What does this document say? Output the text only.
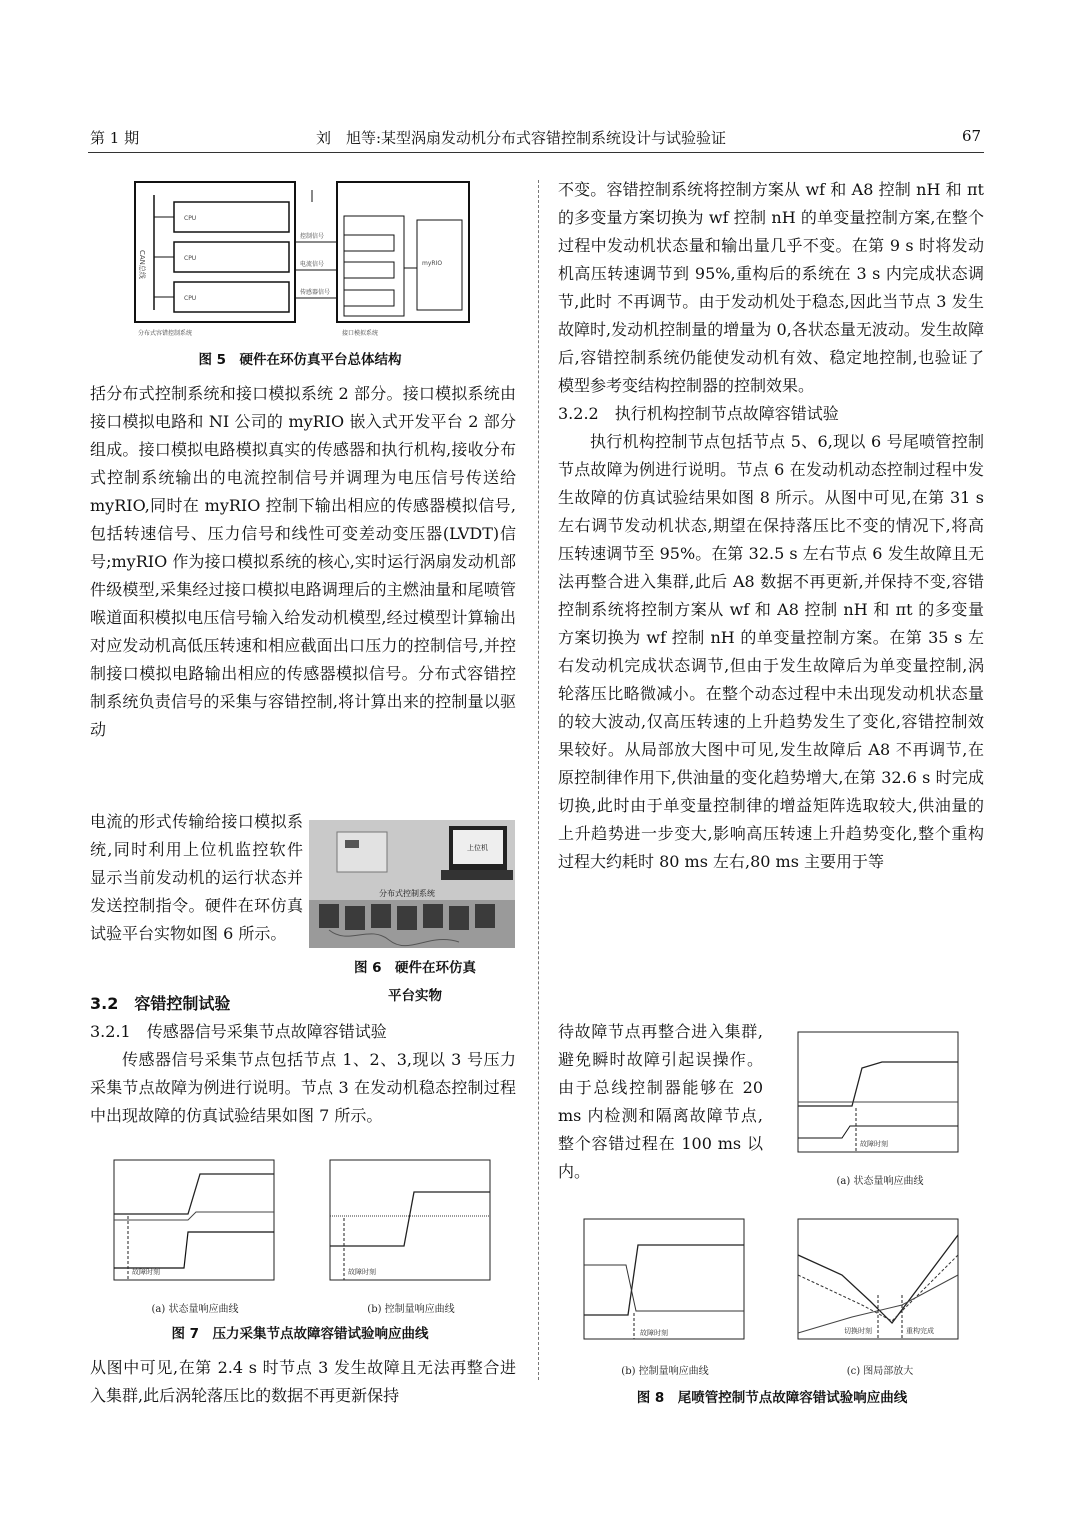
第 1 期	刘　旭等:某型涡扇发动机分布式容错控制系统设计与试验验证	67
CPU
CPU
CPU
myRIO
控制信号
电流信号
传感器信号
分布式容错控制系统	接口模拟系统
CAN总线
图 5　硬件在环仿真平台总体结构

括分布式控制系统和接口模拟系统 2 部分。接口模拟系统由接口模拟电路和 NI 公司的 myRIO 嵌入式开发平台 2 部分组成。接口模拟电路模拟真实的传感器和执行机构,接收分布式控制系统输出的电流控制信号并调理为电压信号传送给 myRIO,同时在 myRIO 控制下输出相应的传感器模拟信号,包括转速信号、压力信号和线性可变差动变压器(LVDT)信号;myRIO 作为接口模拟系统的核心,实时运行涡扇发动机部件级模型,采集经过接口模拟电路调理后的主燃油量和尾喷管喉道面积模拟电压信号输入给发动机模型,经过模型计算输出对应发动机高低压转速和相应截面出口压力的控制信号,并控制接口模拟电路输出相应的传感器模拟信号。分布式容错控制系统负责信号的采集与容错控制,将计算出来的控制量以驱动

电流的形式传输给接口模拟系统,同时利用上位机监控软件显示当前发动机的运行状态并发送控制指令。硬件在环仿真试验平台实物如图 6 所示。

分布式控制系统
上位机
图 6　硬件在环仿真
平台实物

3.2　容错控制试验

3.2.1　传感器信号采集节点故障容错试验

传感器信号采集节点包括节点 1、2、3,现以 3 号压力采集节点故障为例进行说明。节点 3 在发动机稳态控制过程中出现故障的仿真试验结果如图 7 所示。

故障时刻	故障时刻
(a) 状态量响应曲线	(b) 控制量响应曲线
图 7　压力采集节点故障容错试验响应曲线

从图中可见,在第 2.4 s 时节点 3 发生故障且无法再整合进入集群,此后涡轮落压比的数据不再更新保持

不变。容错控制系统将控制方案从 wf 和 A8 控制 nH 和 πt 的多变量方案切换为 wf 控制 nH 的单变量控制方案,在整个过程中发动机状态量和输出量几乎不变。在第 9 s 时将发动机高压转速调节到 95%,重构后的系统在 3 s 内完成状态调节,此时 不再调节。由于发动机处于稳态,因此当节点 3 发生故障时,发动机控制量的增量为 0,各状态量无波动。发生故障后,容错控制系统仍能使发动机有效、稳定地控制,也验证了模型参考变结构控制器的控制效果。

3.2.2　执行机构控制节点故障容错试验

执行机构控制节点包括节点 5、6,现以 6 号尾喷管控制节点故障为例进行说明。节点 6 在发动机动态控制过程中发生故障的仿真试验结果如图 8 所示。从图中可见,在第 31 s 左右调节发动机状态,期望在保持落压比不变的情况下,将高压转速调节至 95%。在第 32.5 s 左右节点 6 发生故障且无法再整合进入集群,此后 A8 数据不再更新,并保持不变,容错控制系统将控制方案从 wf 和 A8 控制 nH 和 πt 的多变量方案切换为 wf 控制 nH 的单变量控制方案。在第 35 s 左右发动机完成状态调节,但由于发生故障后为单变量控制,涡轮落压比略微减小。在整个动态过程中未出现发动机状态量的较大波动,仅高压转速的上升趋势发生了变化,容错控制效果较好。从局部放大图中可见,发生故障后 A8 不再调节,在原控制律作用下,供油量的变化趋势增大,在第 32.6 s 时完成切换,此时由于单变量控制律的增益矩阵选取较大,供油量的上升趋势进一步变大,影响高压转速上升趋势变化,整个重构过程大约耗时 80 ms 左右,80 ms 主要用于等

待故障节点再整合进入集群,避免瞬时故障引起误操作。由于总线控制器能够在 20 ms 内检测和隔离故障节点,整个容错过程在 100 ms 以内。

故障时刻
(a) 状态量响应曲线
故障时刻	切换时刻	重构完成
(b) 控制量响应曲线	(c) 图局部放大
图 8　尾喷管控制节点故障容错试验响应曲线
